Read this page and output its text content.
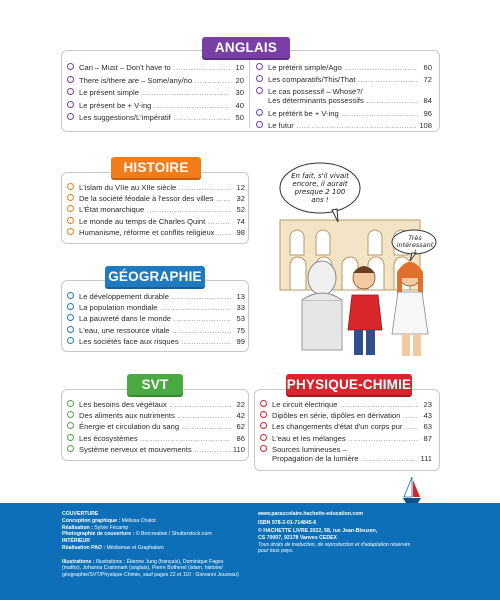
ANGLAIS
Can – Must – Don't have to .....	10
There is/there are – Some/any/no .....	20
Le présent simple .....	30
Le présent be + V-ing .....	40
Les suggestions/L'impératif .....	50
Le prétérit simple/Ago .....	60
Les comparatifs/This/That .....	72
Le cas possessif – Whose?/
Les déterminants possessifs .....	84
Le prétérit be + V-ing .....	96
Le futur .....	108
HISTOIRE
L'islam du VIIe au XIIe siècle .....	12
De la société féodale à l'essor des villes .....	32
L'État monarchique .....	52
Le monde au temps de Charles Quint .....	74
Humanisme, réforme et conflits religieux .....	98
GÉOGRAPHIE
Le développement durable .....	13
La population mondiale .....	33
La pauvreté dans le monde .....	53
L'eau, une ressource vitale .....	75
Les sociétés face aux risques .....	99
SVT
Les besoins des végétaux .....	22
Des aliments aux nutriments .....	42
Énergie et circulation du sang .....	62
Les écosystèmes .....	86
Système nerveux et mouvements .....	110
PHYSIQUE-CHIMIE
Le circuit électrique .....	23
Dipôles en série, dipôles en dérivation .....	43
Les changements d'état d'un corps pur .....	63
L'eau et les mélanges .....	87
Sources lumineuses –
Propagation de la lumière .....	111
En fait, s'il vivait encore, il aurait presque 2 100 ans !
Très intéressant !
COUVERTURE
Conception graphique : Mélissa Chalot
Réalisation : Sylvie Fécamp
Photographie de couverture : © Brocreative / Shutterstock.com
INTÉRIEUR
Réalisation PAO : Médiamax et Graphatom
Illustrations : Illustrations : Étienne Jung (français), Dominique Fages
(maths), Johanna Crainmark (anglais), Pierre Botherel (islam, histoire/
géographie/SVT/Physique-Chimie, sauf pages 22 et 110 : Giovanni Jouzeau)
www.parascolaire.hachette-education.com
ISBN 978-2-01-714845-6
© HACHETTE LIVRE 2022, 58, rue Jean-Bleuzen,
CS 70007, 92178 Vanves CEDEX
Tous droits de traduction, de reproduction et d'adaptation réservés
pour tous pays.
